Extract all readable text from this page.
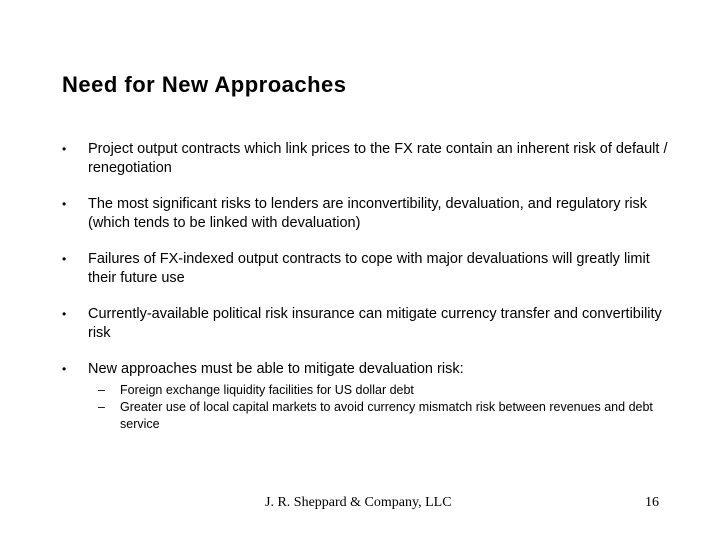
Need for New Approaches
• Project output contracts which link prices to the FX rate contain an inherent risk of default / renegotiation
• The most significant risks to lenders are inconvertibility, devaluation, and regulatory risk (which tends to be linked with devaluation)
• Failures of FX-indexed output contracts to cope with major devaluations will greatly limit their future use
• Currently-available political risk insurance can mitigate currency transfer and convertibility risk
• New approaches must be able to mitigate devaluation risk:
– Foreign exchange liquidity facilities for US dollar debt
– Greater use of local capital markets to avoid currency mismatch risk between revenues and debt service
J. R. Sheppard & Company, LLC	16
